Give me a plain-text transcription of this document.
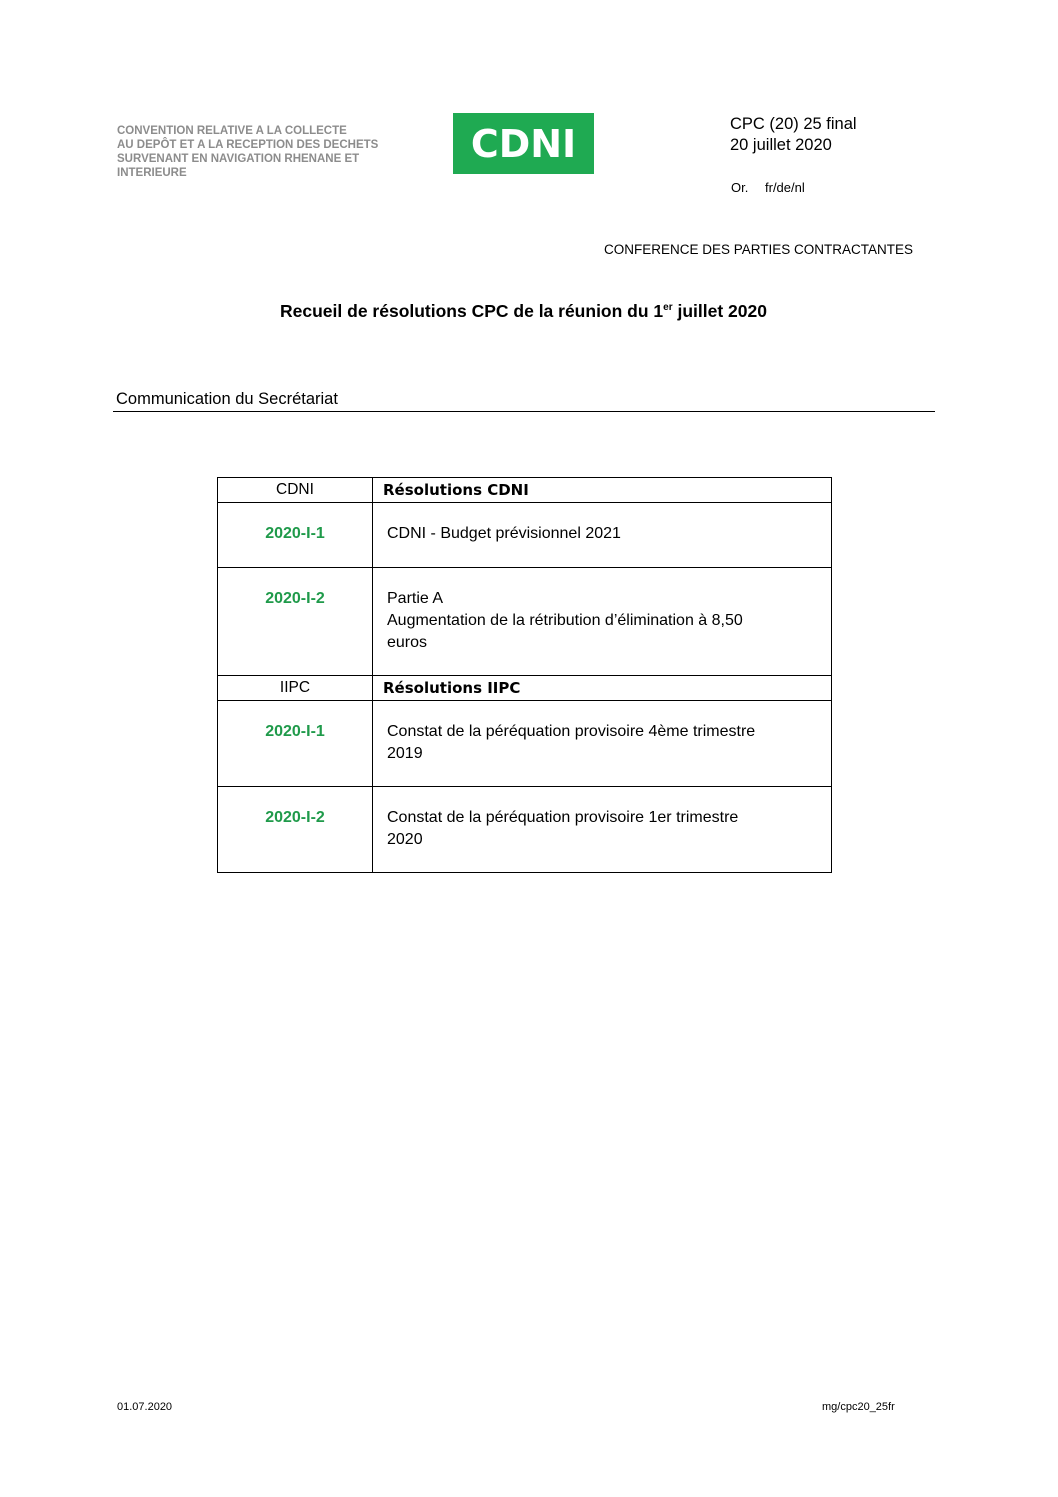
CONVENTION RELATIVE A LA COLLECTE
AU DEPÔT ET A LA RECEPTION DES DECHETS
SURVENANT EN NAVIGATION RHENANE ET
INTERIEURE
CDNI	CPC (20) 25 final
20 juillet 2020
Or. fr/de/nl
CONFERENCE DES PARTIES CONTRACTANTES
Recueil de résolutions CPC de la réunion du 1er juillet 2020
Communication du Secrétariat
CDNI	Résolutions CDNI
2020-I-1	CDNI - Budget prévisionnel 2021

2020-I-2	Partie A
Augmentation de la rétribution d’élimination à 8,50
euros

IIPC	Résolutions IIPC
2020-I-1	Constat de la péréquation provisoire 4ème trimestre
2019

2020-I-2	Constat de la péréquation provisoire 1er trimestre
2020
01.07.2020	mg/cpc20_25fr
